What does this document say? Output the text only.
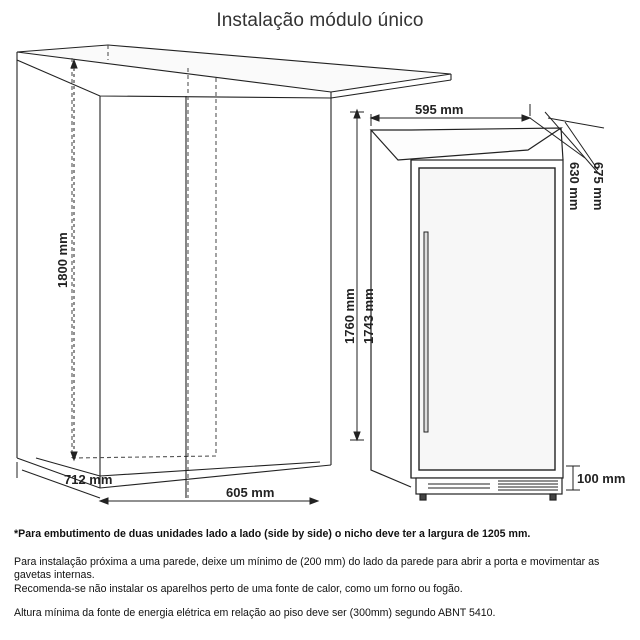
Instalação módulo único
1800 mm
712 mm
605 mm
595 mm
675 mm
630 mm
1760 mm 1743 mm
100 mm

*Para embutimento de duas unidades lado a lado (side by side) o nicho deve ter a largura de 1205 mm.

Para instalação próxima a uma parede, deixe um mínimo de (200 mm) do lado da parede para abrir a porta e movimentar as gavetas internas.

Recomenda-se não instalar os aparelhos perto de uma fonte de calor, como um forno ou fogão.

Altura mínima da fonte de energia elétrica em relação ao piso deve ser (300mm) segundo ABNT 5410.
